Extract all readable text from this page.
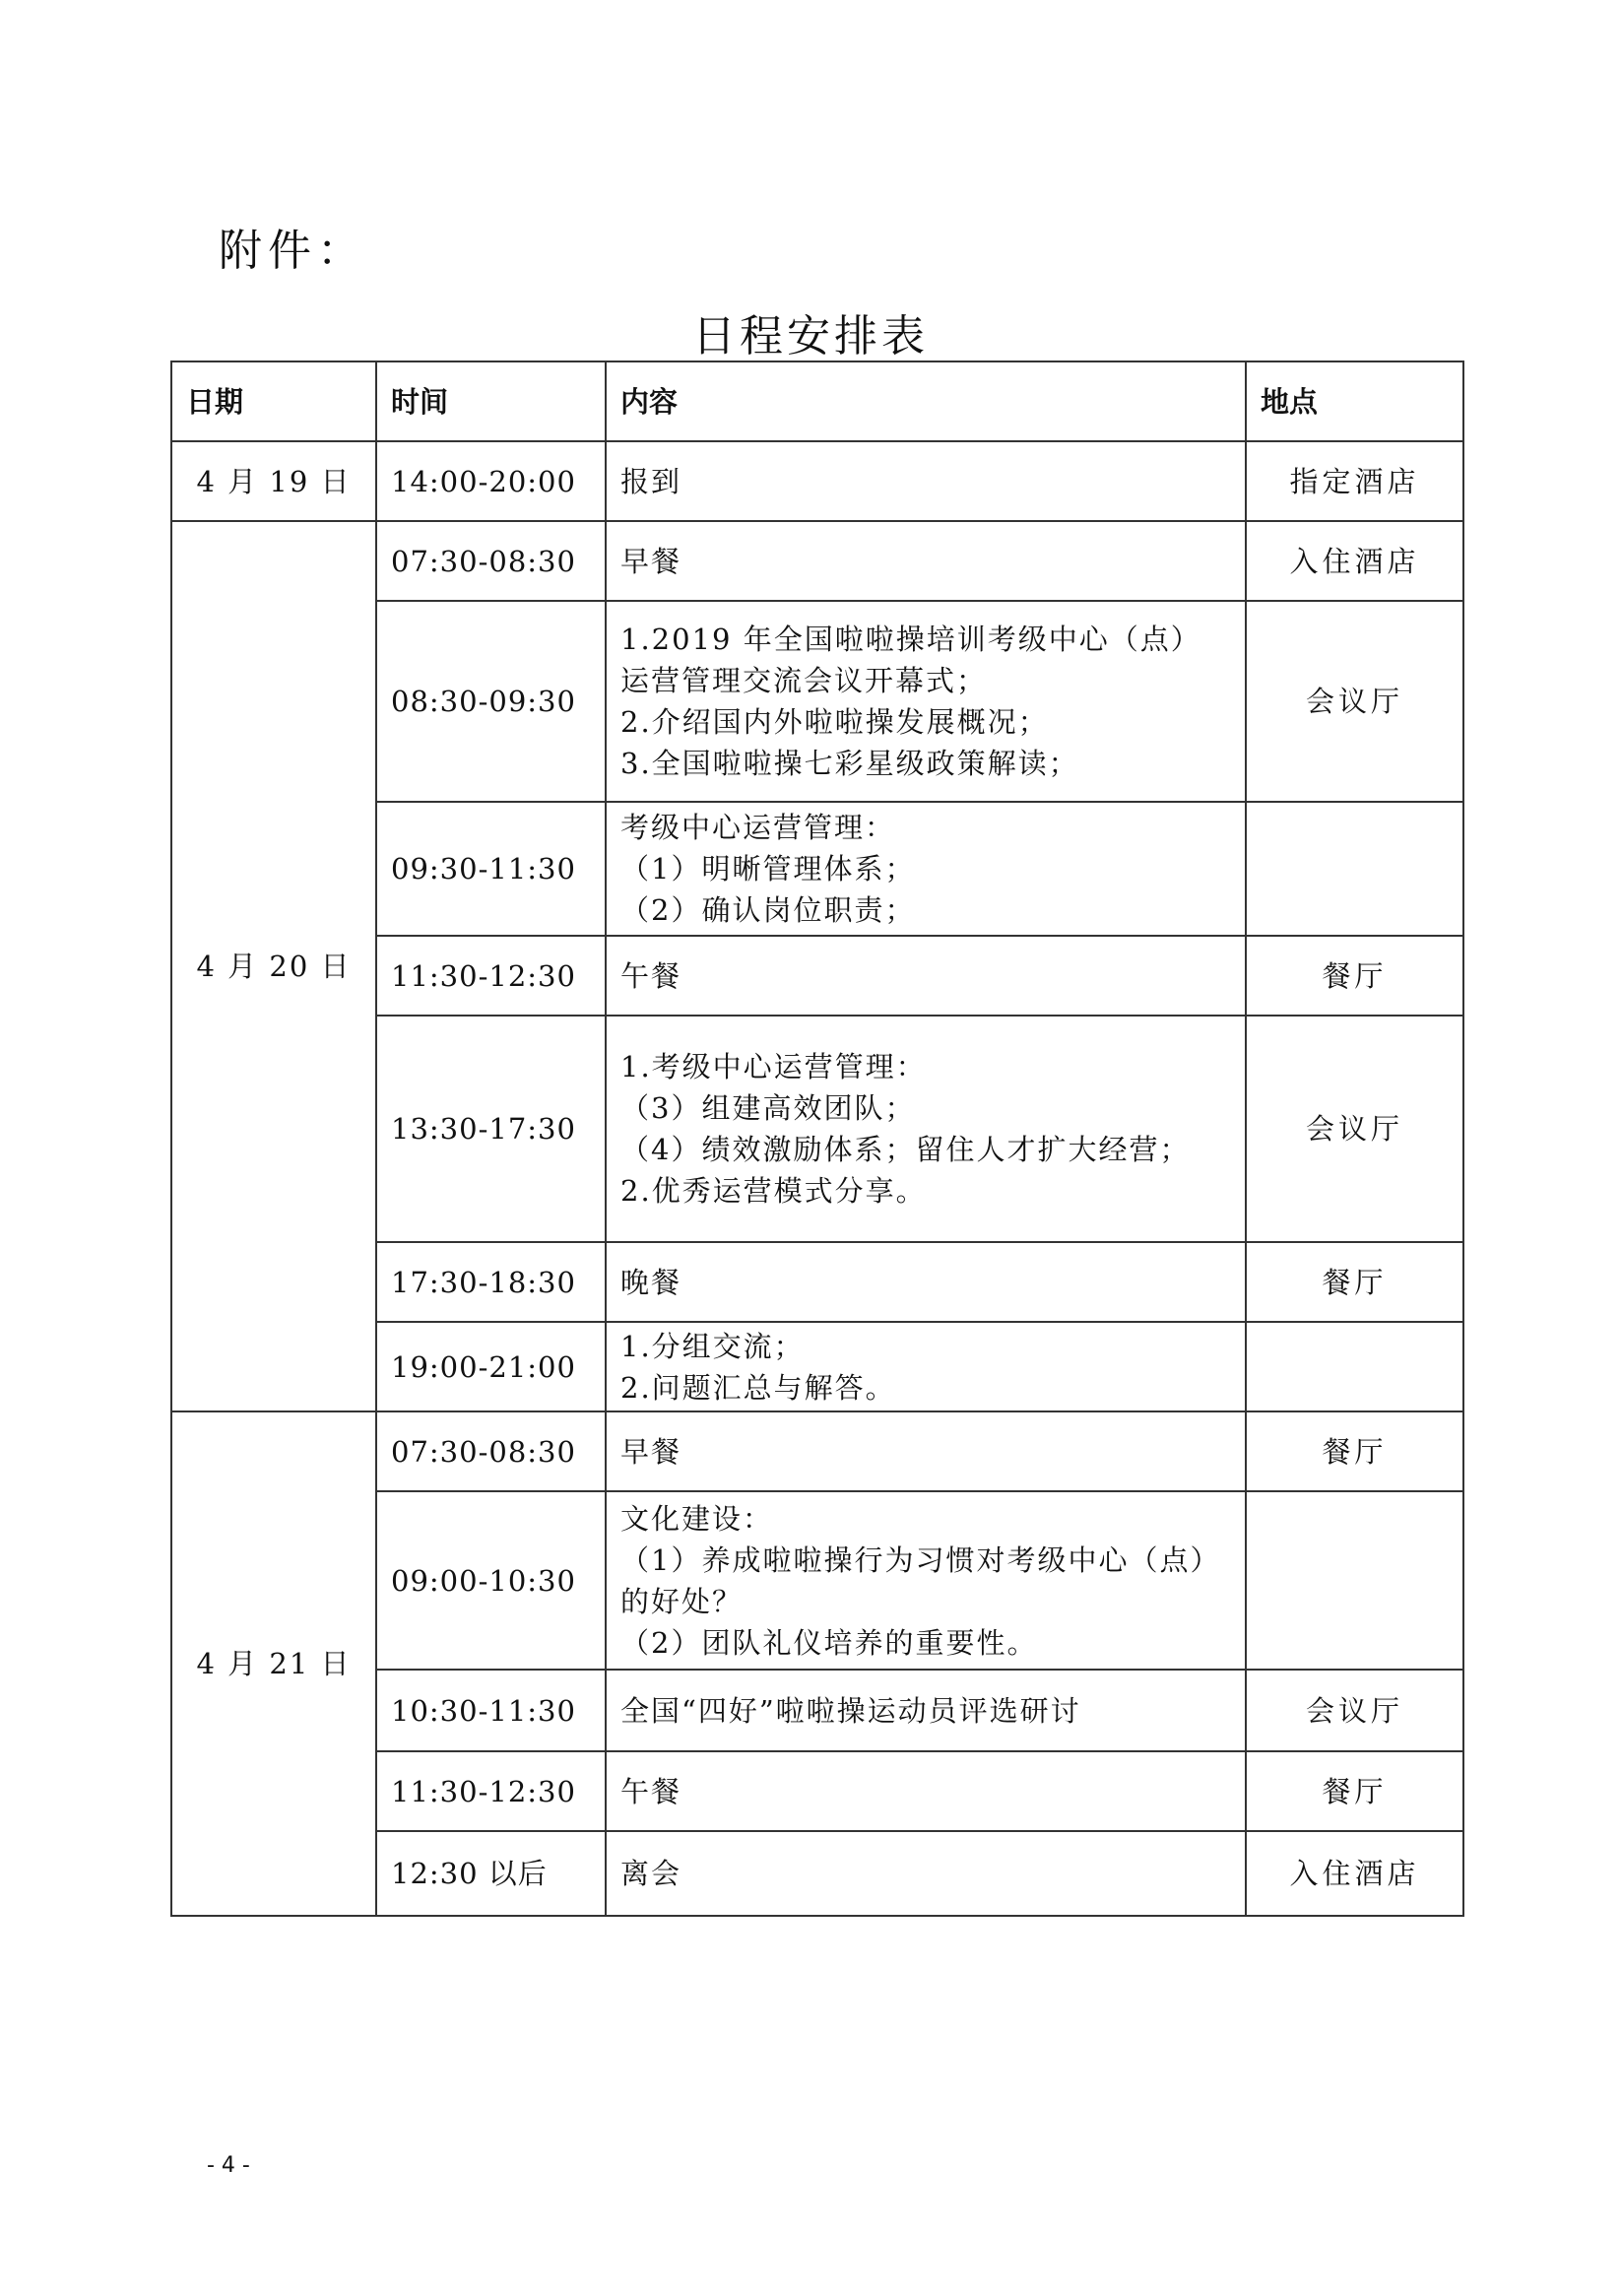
附件：
日程安排表
日期	时间	内容	地点
4 月 19 日	14:00-20:00	报到	指定酒店
4 月 20 日	07:30-08:30	早餐	入住酒店
	08:30-09:30	1.2019 年全国啦啦操培训考级中心（点）
运营管理交流会议开幕式；
2.介绍国内外啦啦操发展概况；
3.全国啦啦操七彩星级政策解读；	会议厅
	09:30-11:30	考级中心运营管理：
（1）明晰管理体系；
（2）确认岗位职责；	

	11:30-12:30	午餐	餐厅
	13:30-17:30	1.考级中心运营管理：
（3）组建高效团队；
（4）绩效激励体系；留住人才扩大经营；
2.优秀运营模式分享。	会议厅
	17:30-18:30	晚餐	餐厅
	19:00-21:00	1.分组交流；
2.问题汇总与解答。	

4 月 21 日	07:30-08:30	早餐	餐厅
	09:00-10:30	文化建设：
（1）养成啦啦操行为习惯对考级中心（点）
的好处？
（2）团队礼仪培养的重要性。	

	10:30-11:30	全国“四好”啦啦操运动员评选研讨	会议厅
	11:30-12:30	午餐	餐厅
	12:30 以后	离会	入住酒店
- 4 -
